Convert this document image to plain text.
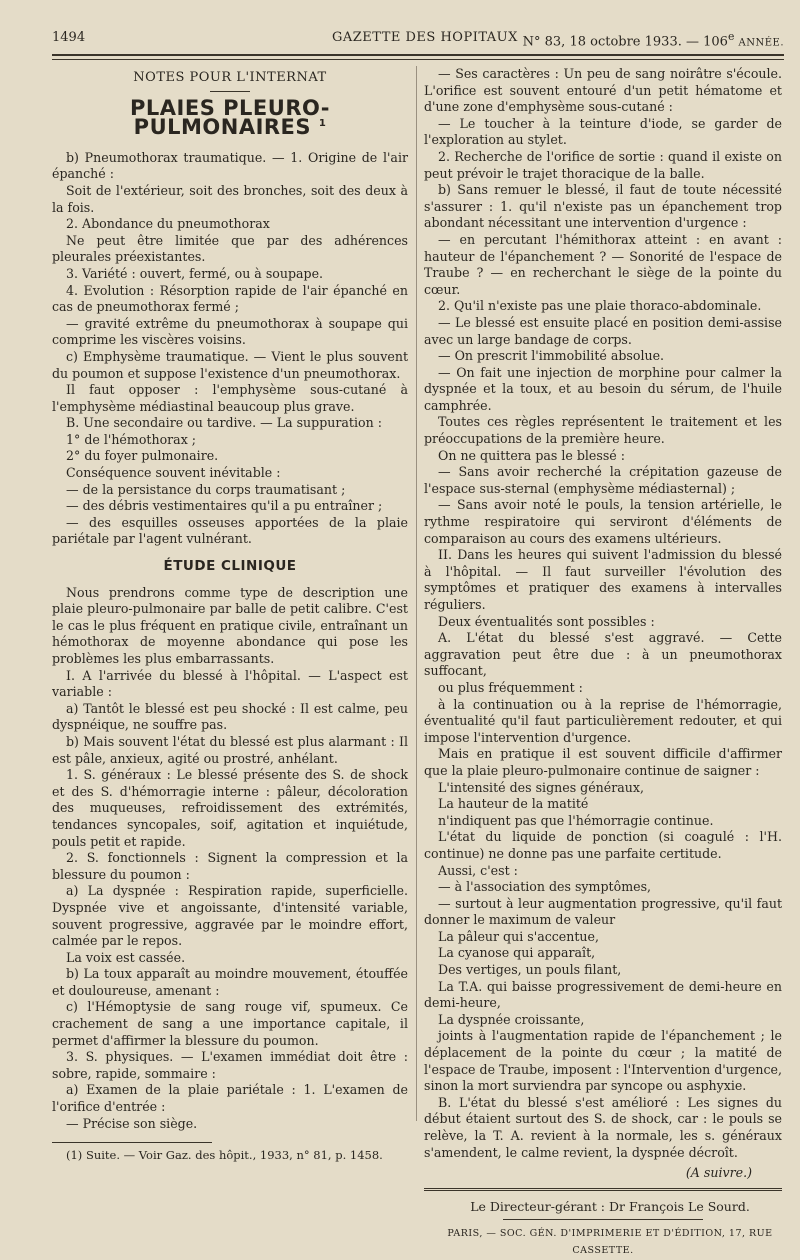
1494	GAZETTE DES HOPITAUX N° 83, 18 octobre 1933. — 106e ANNÉE.

NOTES POUR L'INTERNAT

PLAIES PLEURO-PULMONAIRES $^1$

b) Pneumothorax traumatique. — 1. Origine de l'air épanché :

Soit de l'extérieur, soit des bronches, soit des deux à la fois.

2. Abondance du pneumothorax

Ne peut être limitée que par des adhérences pleurales préexistantes.

3. Variété : ouvert, fermé, ou à soupape.

4. Evolution : Résorption rapide de l'air épanché en cas de pneumothorax fermé ;

— gravité extrême du pneumothorax à soupape qui comprime les viscères voisins.

c) Emphysème traumatique. — Vient le plus souvent du poumon et suppose l'existence d'un pneumothorax.

Il faut opposer : l'emphysème sous-cutané à l'emphysème médiastinal beaucoup plus grave.

B. Une secondaire ou tardive. — La suppuration :

1° de l'hémothorax ;

2° du foyer pulmonaire.

Conséquence souvent inévitable :

— de la persistance du corps traumatisant ;

— des débris vestimentaires qu'il a pu entraîner ;

— des esquilles osseuses apportées de la plaie pariétale par l'agent vulnérant.

ÉTUDE CLINIQUE

Nous prendrons comme type de description une plaie pleuro-pulmonaire par balle de petit calibre. C'est le cas le plus fréquent en pratique civile, entraînant un hémothorax de moyenne abondance qui pose les problèmes les plus embarrassants.

I. A l'arrivée du blessé à l'hôpital. — L'aspect est variable :

a) Tantôt le blessé est peu shocké : Il est calme, peu dyspnéique, ne souffre pas.

b) Mais souvent l'état du blessé est plus alarmant : Il est pâle, anxieux, agité ou prostré, anhélant.

1. S. généraux : Le blessé présente des S. de shock et des S. d'hémorragie interne : pâleur, décoloration des muqueuses, refroidissement des extrémités, tendances syncopales, soif, agitation et inquiétude, pouls petit et rapide.

2. S. fonctionnels : Signent la compression et la blessure du poumon :

a) La dyspnée : Respiration rapide, superficielle. Dyspnée vive et angoissante, d'intensité variable, souvent progressive, aggravée par le moindre effort, calmée par le repos.

La voix est cassée.

b) La toux apparaît au moindre mouvement, étouffée et douloureuse, amenant :

c) l'Hémoptysie de sang rouge vif, spumeux. Ce crachement de sang a une importance capitale, il permet d'affirmer la blessure du poumon.

3. S. physiques. — L'examen immédiat doit être : sobre, rapide, sommaire :

a) Examen de la plaie pariétale : 1. L'examen de l'orifice d'entrée :

— Précise son siège.

(1) Suite. — Voir Gaz. des hôpit., 1933, n° 81, p. 1458.

— Ses caractères : Un peu de sang noirâtre s'écoule. L'orifice est souvent entouré d'un petit hématome et d'une zone d'emphysème sous-cutané :

— Le toucher à la teinture d'iode, se garder de l'exploration au stylet.

2. Recherche de l'orifice de sortie : quand il existe on peut prévoir le trajet thoracique de la balle.

b) Sans remuer le blessé, il faut de toute nécessité s'assurer : 1. qu'il n'existe pas un épanchement trop abondant nécessitant une intervention d'urgence :

— en percutant l'hémithorax atteint : en avant : hauteur de l'épanchement ? — Sonorité de l'espace de Traube ? — en recherchant le siège de la pointe du cœur.

2. Qu'il n'existe pas une plaie thoraco-abdominale.

— Le blessé est ensuite placé en position demi-assise avec un large bandage de corps.

— On prescrit l'immobilité absolue.

— On fait une injection de morphine pour calmer la dyspnée et la toux, et au besoin du sérum, de l'huile camphrée.

Toutes ces règles représentent le traitement et les préoccupations de la première heure.

On ne quittera pas le blessé :

— Sans avoir recherché la crépitation gazeuse de l'espace sus-sternal (emphysème médiasternal) ;

— Sans avoir noté le pouls, la tension artérielle, le rythme respiratoire qui serviront d'éléments de comparaison au cours des examens ultérieurs.

II. Dans les heures qui suivent l'admission du blessé à l'hôpital. — Il faut surveiller l'évolution des symptômes et pratiquer des examens à intervalles réguliers.

Deux éventualités sont possibles :

A. L'état du blessé s'est aggravé. — Cette aggravation peut être due : à un pneumothorax suffocant,

ou plus fréquemment :

à la continuation ou à la reprise de l'hémorragie, éventualité qu'il faut particulièrement redouter, et qui impose l'intervention d'urgence.

Mais en pratique il est souvent difficile d'affirmer que la plaie pleuro-pulmonaire continue de saigner :

L'intensité des signes généraux,

La hauteur de la matité

n'indiquent pas que l'hémorragie continue.

L'état du liquide de ponction (si coagulé : l'H. continue) ne donne pas une parfaite certitude.

Aussi, c'est :

— à l'association des symptômes,

— surtout à leur augmentation progressive, qu'il faut donner le maximum de valeur

La pâleur qui s'accentue,

La cyanose qui apparaît,

Des vertiges, un pouls filant,

La T.A. qui baisse progressivement de demi-heure en demi-heure,

La dyspnée croissante,

joints à l'augmentation rapide de l'épanchement ; le déplacement de la pointe du cœur ; la matité de l'espace de Traube, imposent : l'Intervention d'urgence, sinon la mort surviendra par syncope ou asphyxie.

B. L'état du blessé s'est amélioré : Les signes du début étaient surtout des S. de shock, car : le pouls se relève, la T. A. revient à la normale, les s. généraux s'amendent, le calme revient, la dyspnée décroît.

(A suivre.)

Le Directeur-gérant : Dr François Le Sourd.

PARIS, — SOC. GÉN. D'IMPRIMERIE ET D'ÉDITION, 17, RUE CASSETTE.
